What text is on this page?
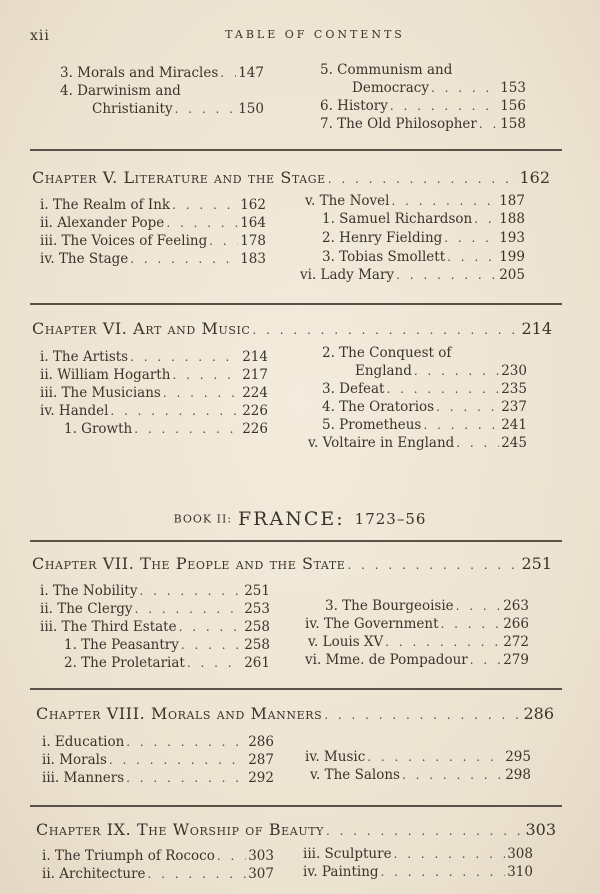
xii	TABLE OF CONTENTS
3. Morals and Miracles . . . 147
4. Darwinism and
Christianity . . .	150
5. Communism and
Democracy . . .	153
6. History . . .	156
7. The Old Philosopher . . . 158
Chapter V. Literature and the Stage . . .	162
i. The Realm of Ink . . .	162
ii. Alexander Pope . . .	164
iii. The Voices of Feeling . . . 178
iv. The Stage . . .	183
v. The Novel . . .	187
1. Samuel Richardson . . . 188
2. Henry Fielding . . .	193
3. Tobias Smollett . . .	199
vi. Lady Mary . . .	205
Chapter VI. Art and Music . . .	214
i. The Artists . . .	214
ii. William Hogarth . . .	217
iii. The Musicians . . .	224
iv. Handel . . .	226
1. Growth . . .	226
2. The Conquest of
England . . .	230
3. Defeat . . .	235
4. The Oratorios . . .	237
5. Prometheus . . .	241
v. Voltaire in England . . .	245
BOOK II: FRANCE: 1723–56
Chapter VII. The People and the State . . .	251
i. The Nobility . . .	251
ii. The Clergy . . .	253
iii. The Third Estate . . .	258
1. The Peasantry . . .	258
2. The Proletariat . . .	261
3. The Bourgeoisie . . .	263
iv. The Government . . .	266
v. Louis XV . . .	272
vi. Mme. de Pompadour . . .	279
Chapter VIII. Morals and Manners . . .	286
i. Education . . .	286
ii. Morals . . .	287
iii. Manners . . .	292
iv. Music . . .	295
v. The Salons . . .	298
Chapter IX. The Worship of Beauty . . .	303
i. The Triumph of Rococo . . . 303
ii. Architecture . . .	307
iii. Sculpture . . .	308
iv. Painting . . .	310
